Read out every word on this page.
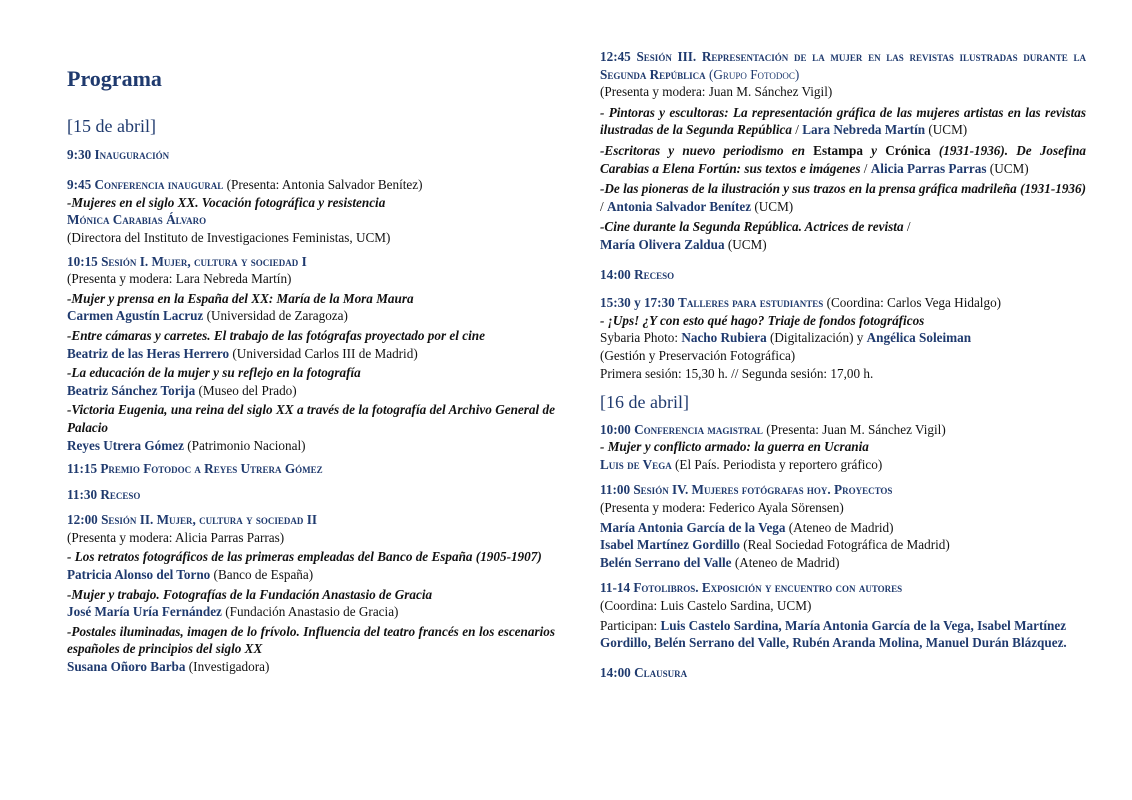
Programa
[15 de abril]

9:30 Inauguración

9:45 Conferencia inaugural (Presenta: Antonia Salvador Benítez)

-Mujeres en el siglo XX. Vocación fotográfica y resistencia

Mónica Carabias Álvaro

(Directora del Instituto de Investigaciones Feministas, UCM)

10:15 Sesión I. Mujer, cultura y sociedad I

(Presenta y modera: Lara Nebreda Martín)

-Mujer y prensa en la España del XX: María de la Mora Maura

Carmen Agustín Lacruz (Universidad de Zaragoza)

-Entre cámaras y carretes. El trabajo de las fotógrafas proyectado por el cine

Beatriz de las Heras Herrero (Universidad Carlos III de Madrid)

-La educación de la mujer y su reflejo en la fotografía

Beatriz Sánchez Torija (Museo del Prado)

-Victoria Eugenia, una reina del siglo XX a través de la fotografía del Archivo General de Palacio

Reyes Utrera Gómez (Patrimonio Nacional)

11:15 Premio Fotodoc a Reyes Utrera Gómez

11:30 Receso

12:00 Sesión II. Mujer, cultura y sociedad II

(Presenta y modera: Alicia Parras Parras)

- Los retratos fotográficos de las primeras empleadas del Banco de España (1905-1907)

Patricia Alonso del Torno (Banco de España)

-Mujer y trabajo. Fotografías de la Fundación Anastasio de Gracia

José María Uría Fernández (Fundación Anastasio de Gracia)

-Postales iluminadas, imagen de lo frívolo. Influencia del teatro francés en los escenarios españoles de principios del siglo XX

Susana Oñoro Barba (Investigadora)

12:45 Sesión III. Representación de la mujer en las revistas ilustradas durante la Segunda República (Grupo Fotodoc)

(Presenta y modera: Juan M. Sánchez Vigil)

- Pintoras y escultoras: La representación gráfica de las mujeres artistas en las revistas ilustradas de la Segunda República / Lara Nebreda Martín (UCM)

-Escritoras y nuevo periodismo en Estampa y Crónica (1931-1936). De Josefina Carabias a Elena Fortún: sus textos e imágenes / Alicia Parras Parras (UCM)

-De las pioneras de la ilustración y sus trazos en la prensa gráfica madrileña (1931-1936) / Antonia Salvador Benítez (UCM)

-Cine durante la Segunda República. Actrices de revista /

María Olivera Zaldua (UCM)

14:00 Receso

15:30 y 17:30 Talleres para estudiantes (Coordina: Carlos Vega Hidalgo)

- ¡Ups! ¿Y con esto qué hago? Triaje de fondos fotográficos

Sybaria Photo: Nacho Rubiera (Digitalización) y Angélica Soleiman

(Gestión y Preservación Fotográfica)

Primera sesión: 15,30 h. // Segunda sesión: 17,00 h.

[16 de abril]

10:00 Conferencia magistral (Presenta: Juan M. Sánchez Vigil)

- Mujer y conflicto armado: la guerra en Ucrania

Luis de Vega (El País. Periodista y reportero gráfico)

11:00 Sesión IV. Mujeres fotógrafas hoy. Proyectos

(Presenta y modera: Federico Ayala Sörensen)

María Antonia García de la Vega (Ateneo de Madrid)

Isabel Martínez Gordillo (Real Sociedad Fotográfica de Madrid)

Belén Serrano del Valle (Ateneo de Madrid)

11-14 Fotolibros. Exposición y encuentro con autores

(Coordina: Luis Castelo Sardina, UCM)

Participan: Luis Castelo Sardina, María Antonia García de la Vega, Isabel Martínez Gordillo, Belén Serrano del Valle, Rubén Aranda Molina, Manuel Durán Blázquez.

14:00 Clausura
